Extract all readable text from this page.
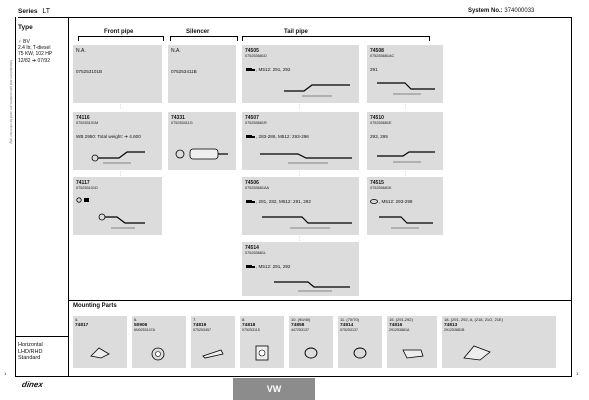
Series LT	System No.: 374000033
Manufacturer and part numbers are used for reference only
Type
♀ BV
2.4 ltr, T-diesel
75 KW, 102 HP
12/82 ➔ 07/92
Front pipe	Silencer	Tail pipe
N.A.
075253101B
N.A.
075253411B
74505
075253681D
, M512: 291, 292
74508
075253681AC
291
⋮	⋮	⋮
74116
075253101M
WB 2950: Total weight: ➔ 4.600
74331
075253411G
74507
075253681R
, 283-286, M512: 293-296
74510
075253681E
293, 295
⋮	⋮	⋮
74117
075253101D
74506
075253681AA
, 281, 282, M512: 291, 292
74515
075253681K
, M512: 293-298
⋮
74514
075253681L
, M512: 291, 292
Mounting Parts
4.
74817
6.
50906
6N0253147A
7.
74819
075253457
8.
74818
075253115
10. (90/40)
74858
447253137
11. (70/70)
74814
075253137
15. (291,292)
74816
291253881A
18. (291, 292, A, (218, 21O, 21E)
74813
291253881B
Horizontal
LHD/RHD
Standard
dinex
1	1
VW
